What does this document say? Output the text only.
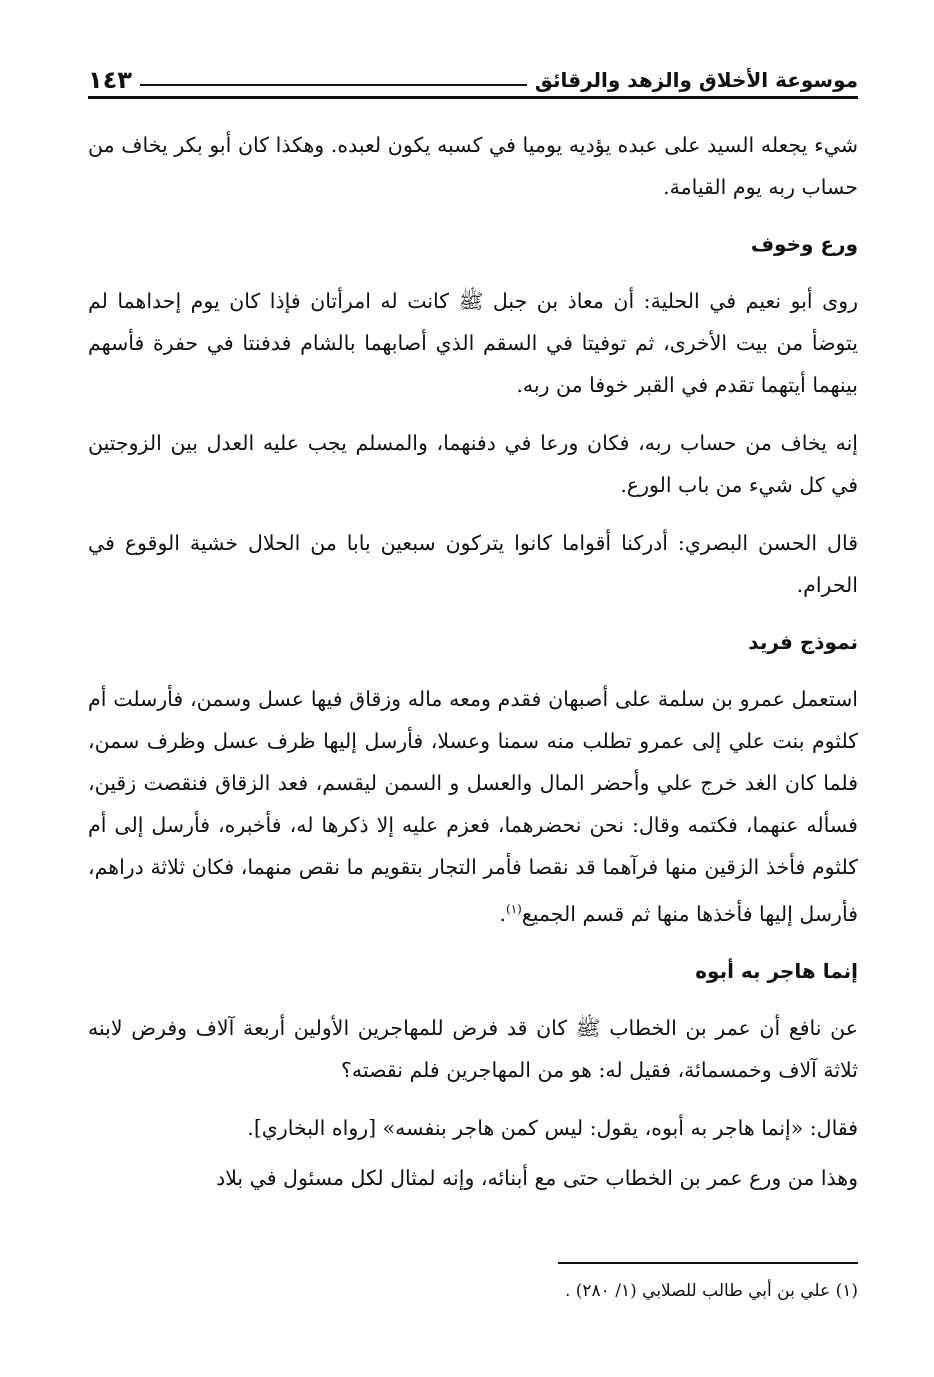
موسوعة الأخلاق والزهد والرقائق
١٤٣

شيء يجعله السيد على عبده يؤديه يوميا في كسبه يكون لعبده. وهكذا كان أبو بكر يخاف من حساب ربه يوم القيامة.

ورع وخوف

روى أبو نعيم في الحلية: أن معاذ بن جبل ﷺ كانت له امرأتان فإذا كان يوم إحداهما لم يتوضأ من بيت الأخرى، ثم توفيتا في السقم الذي أصابهما بالشام فدفنتا في حفرة فأسهم بينهما أيتهما تقدم في القبر خوفا من ربه.

إنه يخاف من حساب ربه، فكان ورعا في دفنهما، والمسلم يجب عليه العدل بين الزوجتين في كل شيء من باب الورع.

قال الحسن البصري: أدركنا أقواما كانوا يتركون سبعين بابا من الحلال خشية الوقوع في الحرام.

نموذج فريد

استعمل عمرو بن سلمة على أصبهان فقدم ومعه ماله وزقاق فيها عسل وسمن، فأرسلت أم كلثوم بنت علي إلى عمرو تطلب منه سمنا وعسلا، فأرسل إليها ظرف عسل وظرف سمن، فلما كان الغد خرج علي وأحضر المال والعسل و السمن ليقسم، فعد الزقاق فنقصت زقين، فسأله عنهما، فكتمه وقال: نحن نحضرهما، فعزم عليه إلا ذكرها له، فأخبره، فأرسل إلى أم كلثوم فأخذ الزقين منها فرآهما قد نقصا فأمر التجار بتقويم ما نقص منهما، فكان ثلاثة دراهم، فأرسل إليها فأخذها منها ثم قسم الجميع$^{(١)}$.

إنما هاجر به أبوه

عن نافع أن عمر بن الخطاب ﷺ كان قد فرض للمهاجرين الأولين أربعة آلاف وفرض لابنه ثلاثة آلاف وخمسمائة، فقيل له: هو من المهاجرين فلم نقصته؟

فقال: «إنما هاجر به أبوه، يقول: ليس كمن هاجر بنفسه» [رواه البخاري].

وهذا من ورع عمر بن الخطاب حتى مع أبنائه، وإنه لمثال لكل مسئول في بلاد

(١) علي بن أبي طالب للصلابي (١/ ٢٨٠) .
